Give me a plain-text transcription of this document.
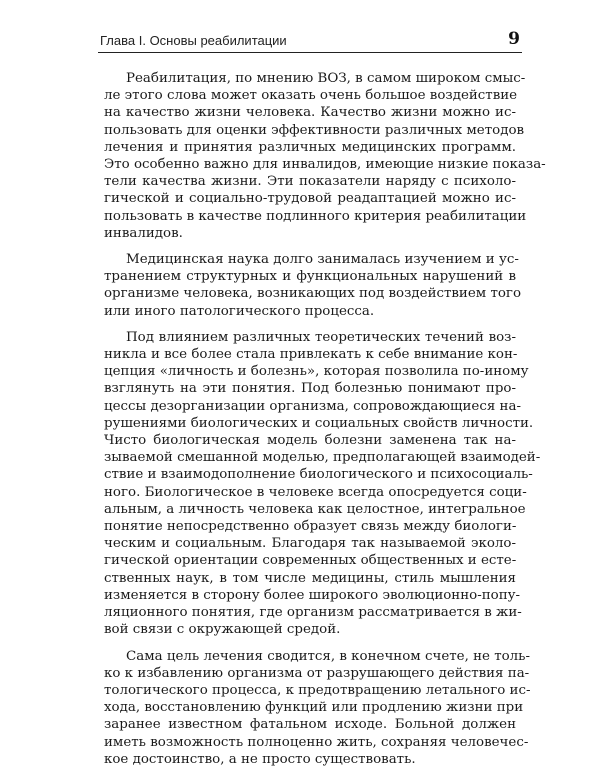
Глава I. Основы реабилитации	9
Реабилитация, по мнению ВОЗ, в самом широком смыс-
ле этого слова может оказать очень большое воздействие
на качество жизни человека. Качество жизни можно ис-
пользовать для оценки эффективности различных методов
лечения и принятия различных медицинских программ.
Это особенно важно для инвалидов, имеющие низкие показа-
тели качества жизни. Эти показатели наряду с психоло-
гической и социально-трудовой реадаптацией можно ис-
пользовать в качестве подлинного критерия реабилитации
инвалидов.
Медицинская наука долго занималась изучением и ус-
транением структурных и функциональных нарушений в
организме человека, возникающих под воздействием того
или иного патологического процесса.
Под влиянием различных теоретических течений воз-
никла и все более стала привлекать к себе внимание кон-
цепция «личность и болезнь», которая позволила по-иному
взглянуть на эти понятия. Под болезнью понимают про-
цессы дезорганизации организма, сопровождающиеся на-
рушениями биологических и социальных свойств личности.
Чисто биологическая модель болезни заменена так на-
зываемой смешанной моделью, предполагающей взаимодей-
ствие и взаимодополнение биологического и психосоциаль-
ного. Биологическое в человеке всегда опосредуется соци-
альным, а личность человека как целостное, интегральное
понятие непосредственно образует связь между биологи-
ческим и социальным. Благодаря так называемой эколо-
гической ориентации современных общественных и есте-
ственных наук, в том числе медицины, стиль мышления
изменяется в сторону более широкого эволюционно-попу-
ляционного понятия, где организм рассматривается в жи-
вой связи с окружающей средой.
Сама цель лечения сводится, в конечном счете, не толь-
ко к избавлению организма от разрушающего действия па-
тологического процесса, к предотвращению летального ис-
хода, восстановлению функций или продлению жизни при
заранее известном фатальном исходе. Больной должен
иметь возможность полноценно жить, сохраняя человечес-
кое достоинство, а не просто существовать.
